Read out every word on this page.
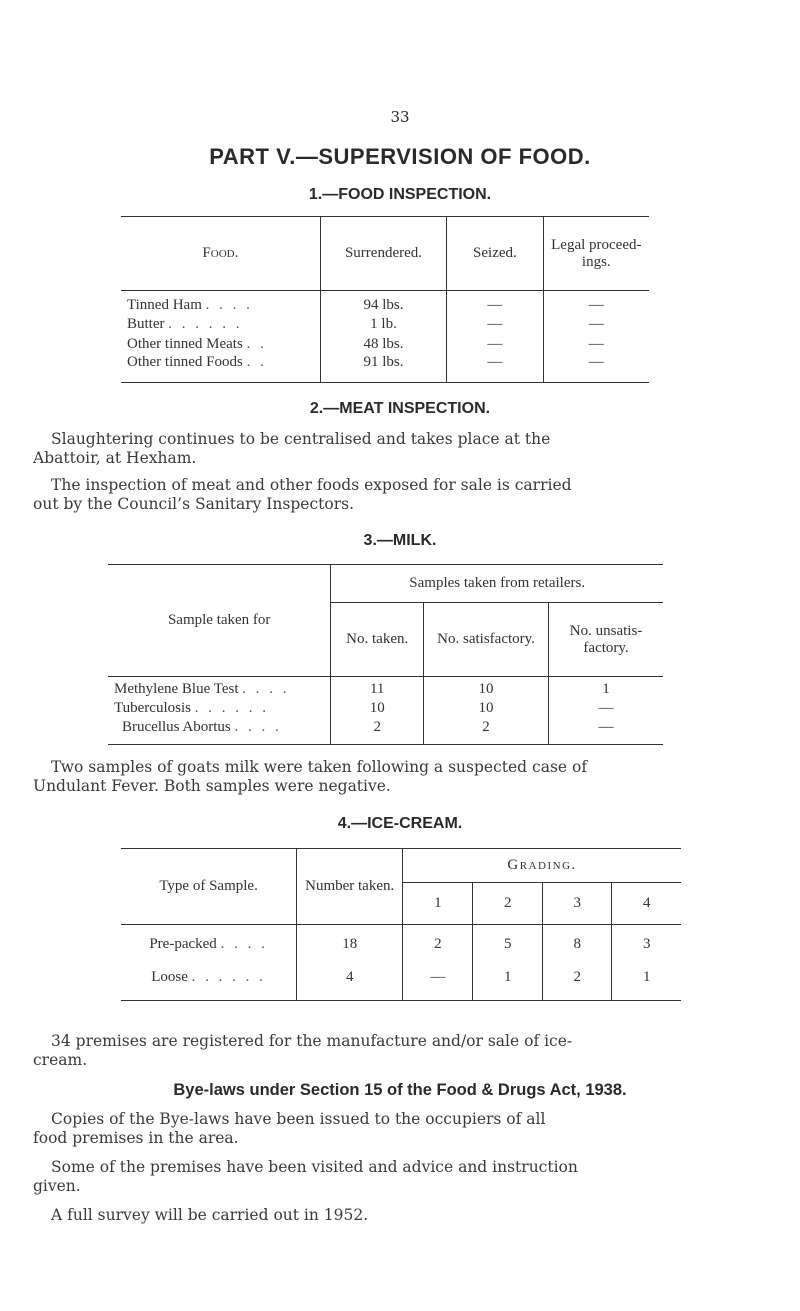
33
PART V.—SUPERVISION OF FOOD.
1.—FOOD INSPECTION.
Food.	Surrendered.	Seized.	Legal proceed- ings.
Tinned Ham . . . .	94 lbs.	—	—
Butter . . . . . .	1 lb.	—	—
Other tinned Meats . .	48 lbs.	—	—
Other tinned Foods . .	91 lbs.	—	—
2.—MEAT INSPECTION.
Slaughtering continues to be centralised and takes place at the
Abattoir, at Hexham.
The inspection of meat and other foods exposed for sale is carried
out by the Council’s Sanitary Inspectors.
3.—MILK.
Sample taken for	Samples taken from retailers.		
	No. taken.	No. satisfactory.	No. unsatis- factory.
Methylene Blue Test . . . .	11	10	1
Tuberculosis . . . . . .	10	10	—
Brucellus Abortus . . . .	2	2	—
Two samples of goats milk were taken following a suspected case of
Undulant Fever. Both samples were negative.
4.—ICE-CREAM.
Type of Sample.	Number taken.	Grading.			
		1	2	3	4
Pre-packed . . . .	18	2	5	8	3
Loose . . . . . .	4	—	1	2	1
34 premises are registered for the manufacture and/or sale of ice-
cream.
Bye-laws under Section 15 of the Food & Drugs Act, 1938.
Copies of the Bye-laws have been issued to the occupiers of all
food premises in the area.
Some of the premises have been visited and advice and instruction
given.
A full survey will be carried out in 1952.
